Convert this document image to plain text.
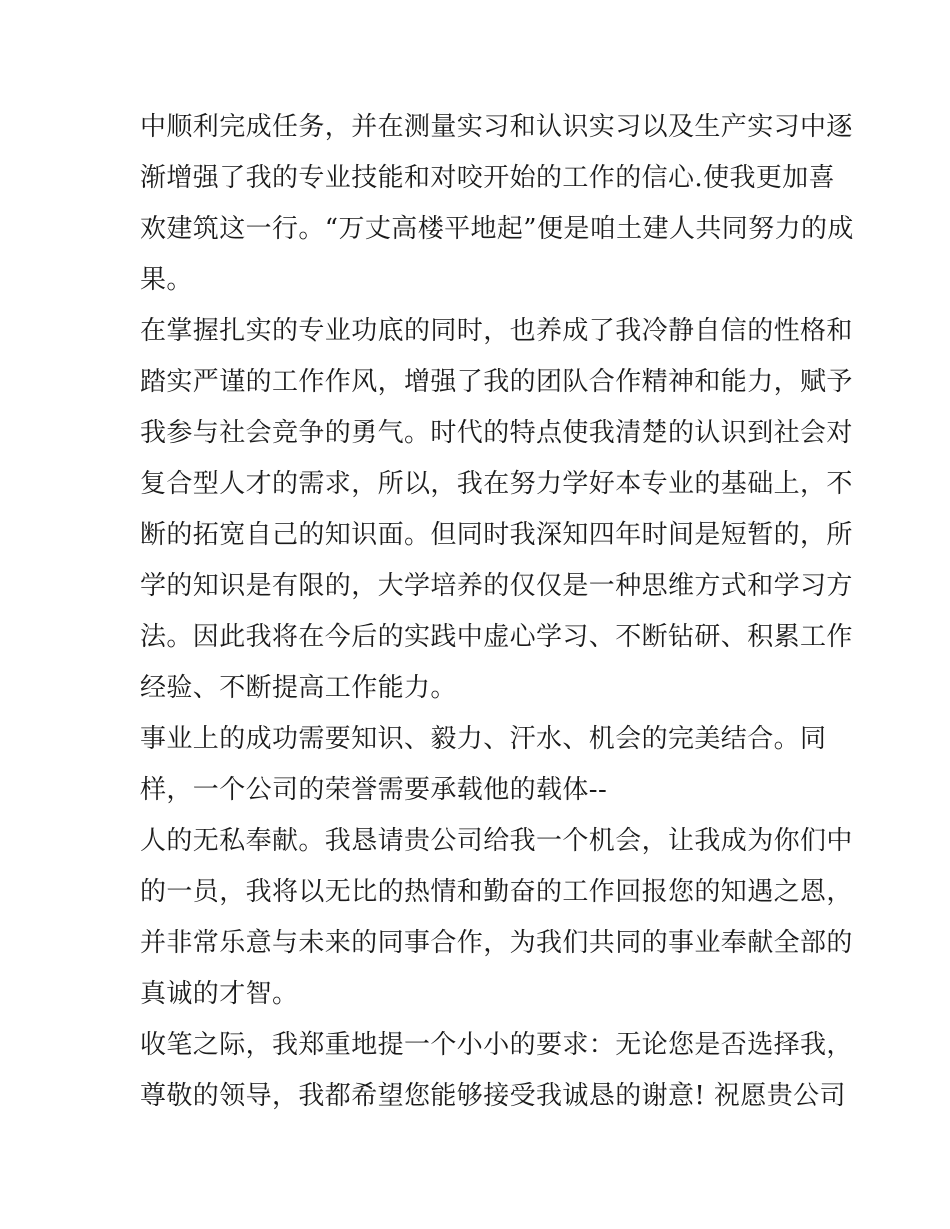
中顺利完成任务，并在测量实习和认识实习以及生产实习中逐
渐增强了我的专业技能和对咬开始的工作的信心.使我更加喜
欢建筑这一行。“万丈高楼平地起”便是咱土建人共同努力的成
果。
在掌握扎实的专业功底的同时，也养成了我冷静自信的性格和
踏实严谨的工作作风，增强了我的团队合作精神和能力，赋予
我参与社会竞争的勇气。时代的特点使我清楚的认识到社会对
复合型人才的需求，所以，我在努力学好本专业的基础上，不
断的拓宽自己的知识面。但同时我深知四年时间是短暂的，所
学的知识是有限的，大学培养的仅仅是一种思维方式和学习方
法。因此我将在今后的实践中虚心学习、不断钻研、积累工作
经验、不断提高工作能力。
事业上的成功需要知识、毅力、汗水、机会的完美结合。同
样，一个公司的荣誉需要承载他的载体--
人的无私奉献。我恳请贵公司给我一个机会，让我成为你们中
的一员，我将以无比的热情和勤奋的工作回报您的知遇之恩，
并非常乐意与未来的同事合作，为我们共同的事业奉献全部的
真诚的才智。
收笔之际，我郑重地提一个小小的要求：无论您是否选择我，
尊敬的领导，我都希望您能够接受我诚恳的谢意! 祝愿贵公司
